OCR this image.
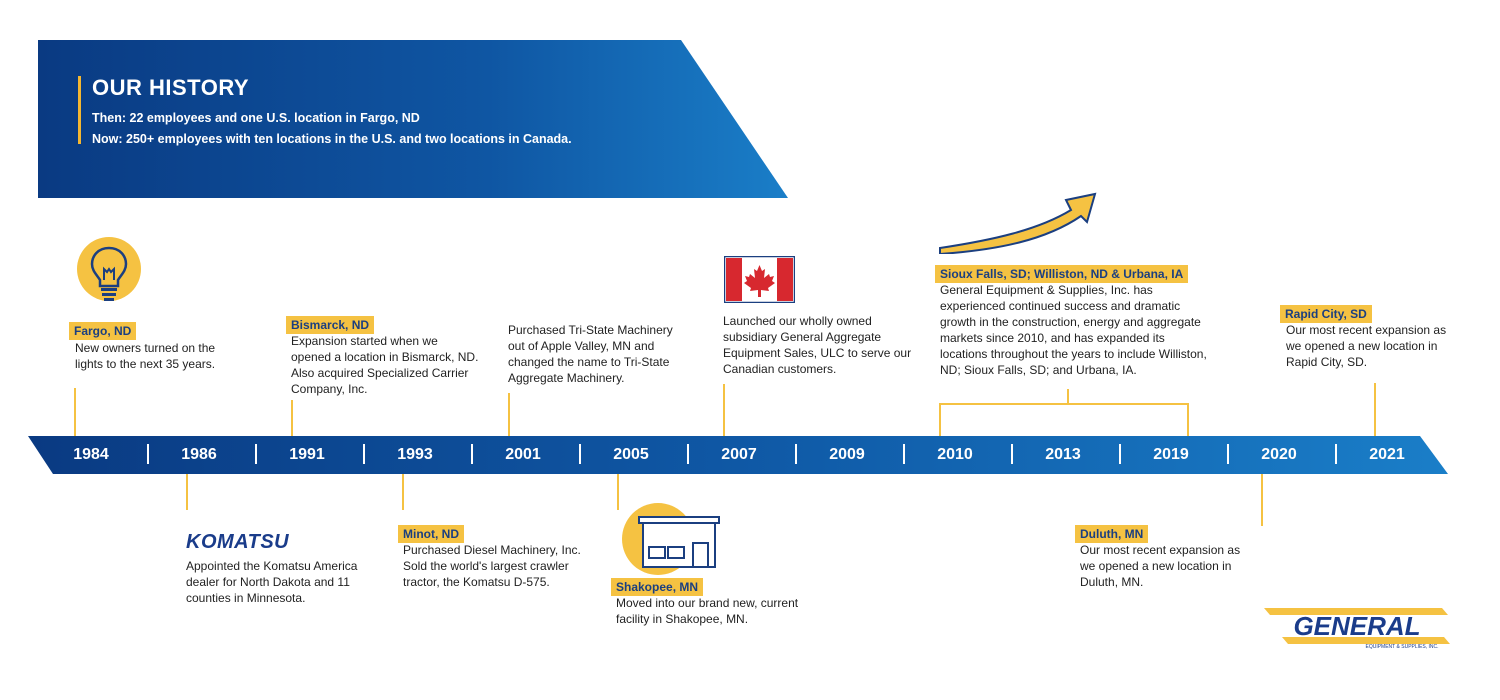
OUR HISTORY
Then: 22 employees and one U.S. location in Fargo, ND
Now: 250+ employees with ten locations in the U.S. and two locations in Canada.
1984	1986	1991	1993	2001	2005	2007	2009	2010	2013	2019	2020	2021
Fargo, ND
New owners turned on the lights to the next 35 years.
KOMATSU
Appointed the Komatsu America dealer for North Dakota and 11 counties in Minnesota.
Bismarck, ND
Expansion started when we opened a location in Bismarck, ND. Also acquired Specialized Carrier Company, Inc.
Minot, ND
Purchased Diesel Machinery, Inc. Sold the world's largest crawler tractor, the Komatsu D-575.
Purchased Tri-State Machinery out of Apple Valley, MN and changed the name to Tri-State Aggregate Machinery.
Shakopee, MN
Moved into our brand new, current facility in Shakopee, MN.
Launched our wholly owned subsidiary General Aggregate Equipment Sales, ULC to serve our Canadian customers.
Sioux Falls, SD; Williston, ND & Urbana, IA
General Equipment & Supplies, Inc. has experienced continued success and dramatic growth in the construction, energy and aggregate markets since 2010, and has expanded its locations throughout the years to include Williston, ND; Sioux Falls, SD; and Urbana, IA.
Duluth, MN
Our most recent expansion as we opened a new location in Duluth, MN.
Rapid City, SD
Our most recent expansion as we opened a new location in Rapid City, SD.
GENERAL
EQUIPMENT & SUPPLIES, INC.
